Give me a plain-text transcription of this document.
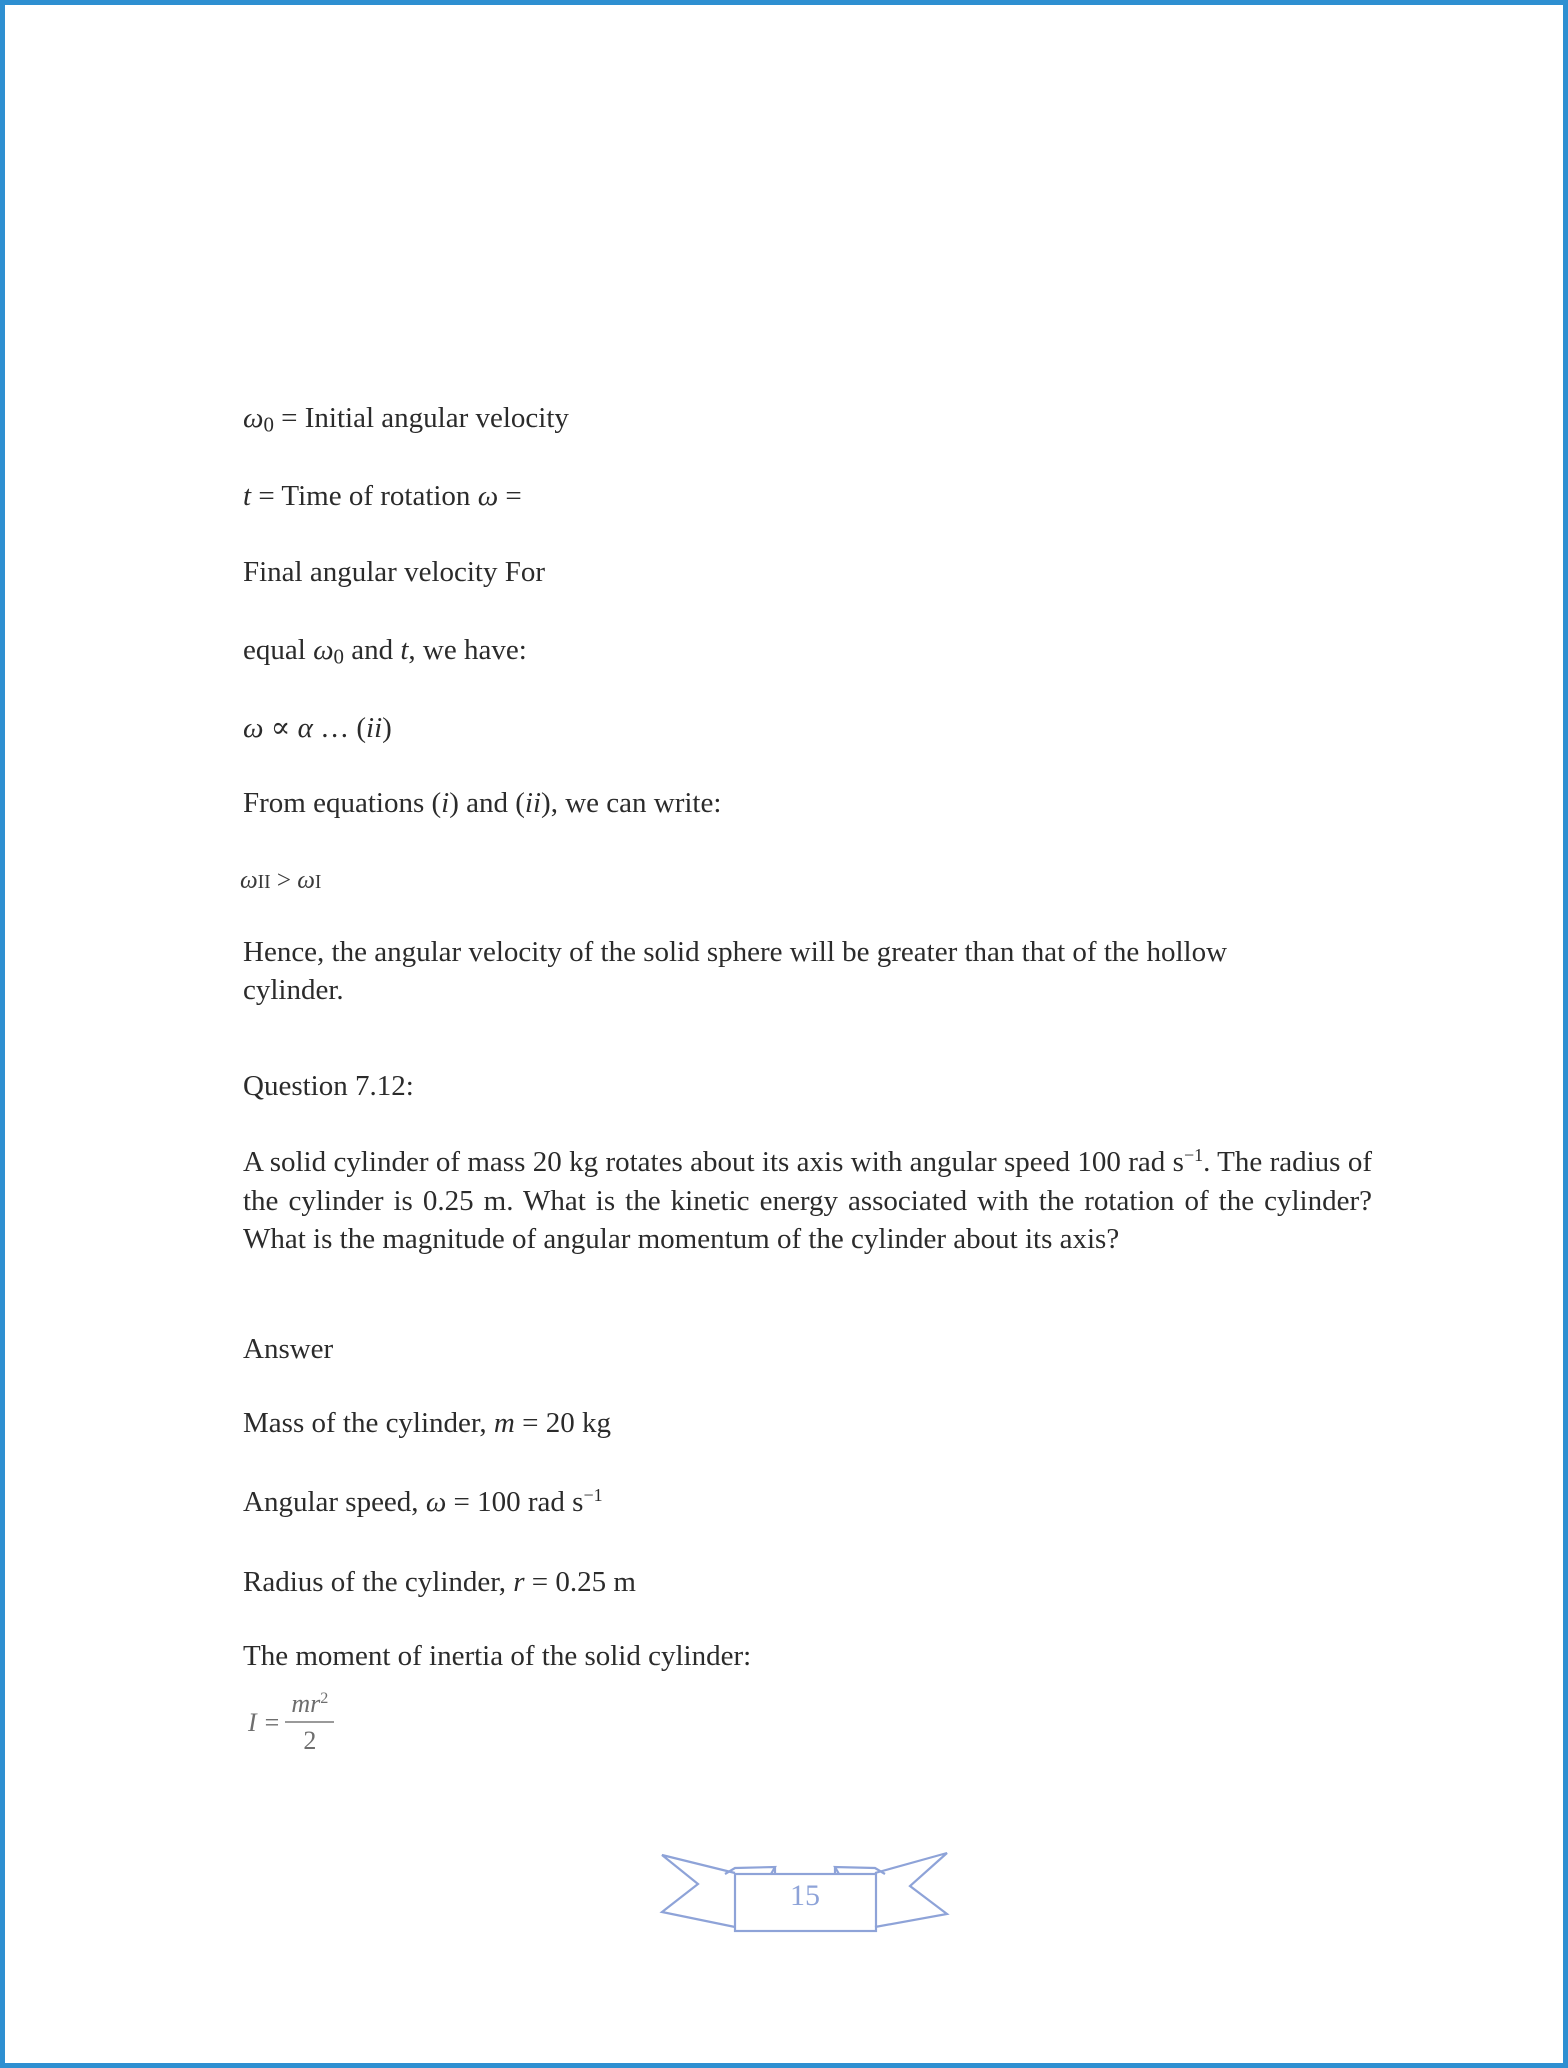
$\omega_0$ = Initial angular velocity
t = Time of rotation ω =
Final angular velocity For
equal $\omega_0$ and t, we have:
ω ∝ α … (ii)
From equations (i) and (ii), we can write:
ωII > ωI
Hence, the angular velocity of the solid sphere will be greater than that of the hollow
cylinder.
Question 7.12:
A solid cylinder of mass 20 kg rotates about its axis with angular speed 100 rad $s^{-1}$. The radius of the cylinder is 0.25 m. What is the kinetic energy associated with the rotation of the cylinder? What is the magnitude of angular momentum of the cylinder about its axis?
Answer
Mass of the cylinder, m = 20 kg
Angular speed, ω = 100 rad $s^{-1}$
Radius of the cylinder, r = 0.25 m
The moment of inertia of the solid cylinder:
$I = \frac{mr^2}{2}$
15
